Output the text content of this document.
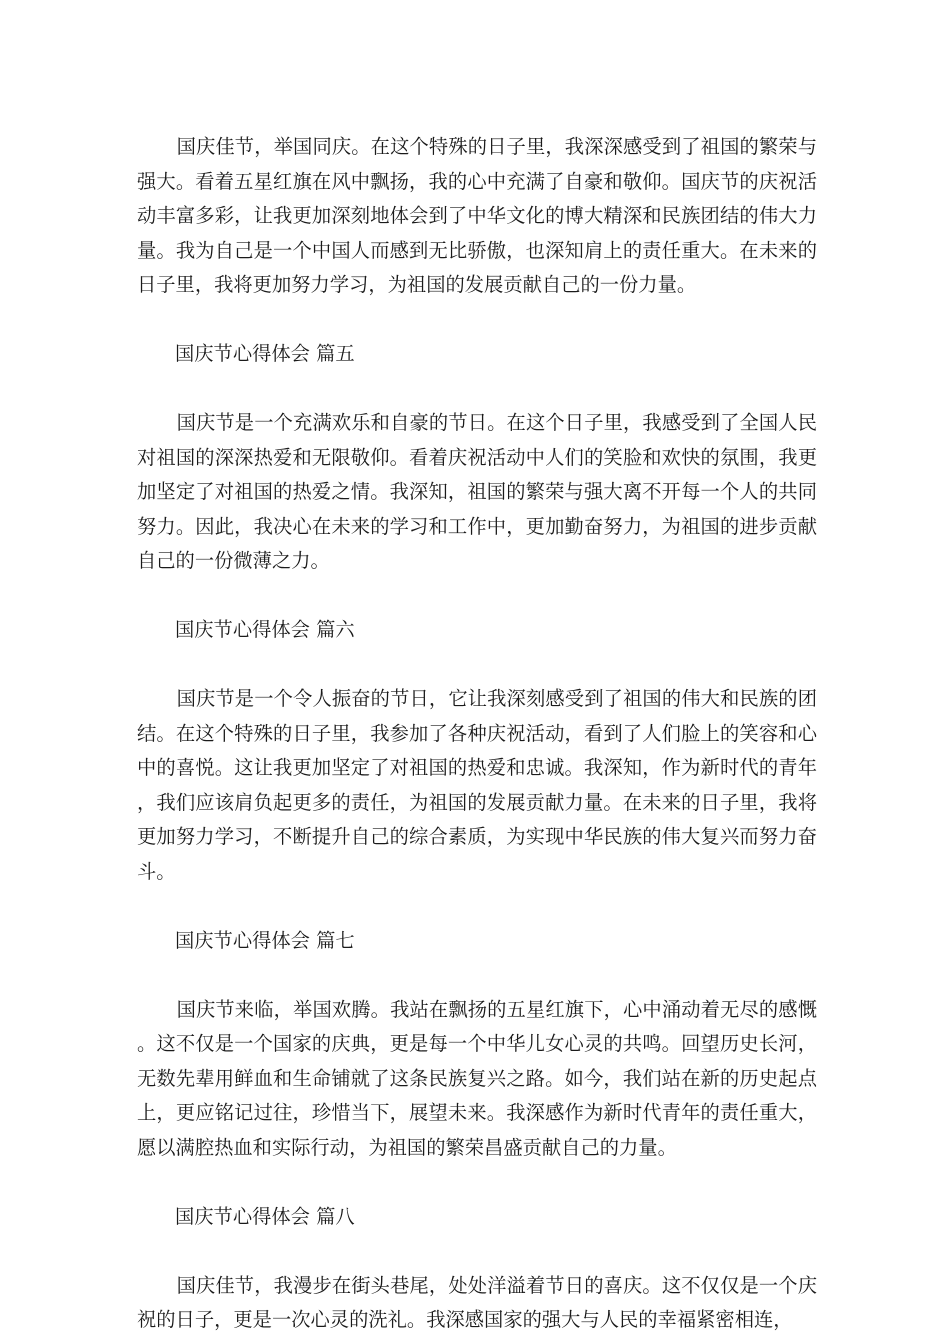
国庆佳节，举国同庆。在这个特殊的日子里，我深深感受到了祖国的繁荣与强大。看着五星红旗在风中飘扬，我的心中充满了自豪和敬仰。国庆节的庆祝活动丰富多彩，让我更加深刻地体会到了中华文化的博大精深和民族团结的伟大力量。我为自己是一个中国人而感到无比骄傲，也深知肩上的责任重大。在未来的日子里，我将更加努力学习，为祖国的发展贡献自己的一份力量。

国庆节心得体会 篇五

国庆节是一个充满欢乐和自豪的节日。在这个日子里，我感受到了全国人民对祖国的深深热爱和无限敬仰。看着庆祝活动中人们的笑脸和欢快的氛围，我更加坚定了对祖国的热爱之情。我深知，祖国的繁荣与强大离不开每一个人的共同努力。因此，我决心在未来的学习和工作中，更加勤奋努力，为祖国的进步贡献自己的一份微薄之力。

国庆节心得体会 篇六

国庆节是一个令人振奋的节日，它让我深刻感受到了祖国的伟大和民族的团结。在这个特殊的日子里，我参加了各种庆祝活动，看到了人们脸上的笑容和心中的喜悦。这让我更加坚定了对祖国的热爱和忠诚。我深知，作为新时代的青年，我们应该肩负起更多的责任，为祖国的发展贡献力量。在未来的日子里，我将更加努力学习，不断提升自己的综合素质，为实现中华民族的伟大复兴而努力奋斗。

国庆节心得体会 篇七

国庆节来临，举国欢腾。我站在飘扬的五星红旗下，心中涌动着无尽的感慨。这不仅是一个国家的庆典，更是每一个中华儿女心灵的共鸣。回望历史长河，无数先辈用鲜血和生命铺就了这条民族复兴之路。如今，我们站在新的历史起点上，更应铭记过往，珍惜当下，展望未来。我深感作为新时代青年的责任重大，愿以满腔热血和实际行动，为祖国的繁荣昌盛贡献自己的力量。

国庆节心得体会 篇八

国庆佳节，我漫步在街头巷尾，处处洋溢着节日的喜庆。这不仅仅是一个庆祝的日子，更是一次心灵的洗礼。我深感国家的强大与人民的幸福紧密相连，
